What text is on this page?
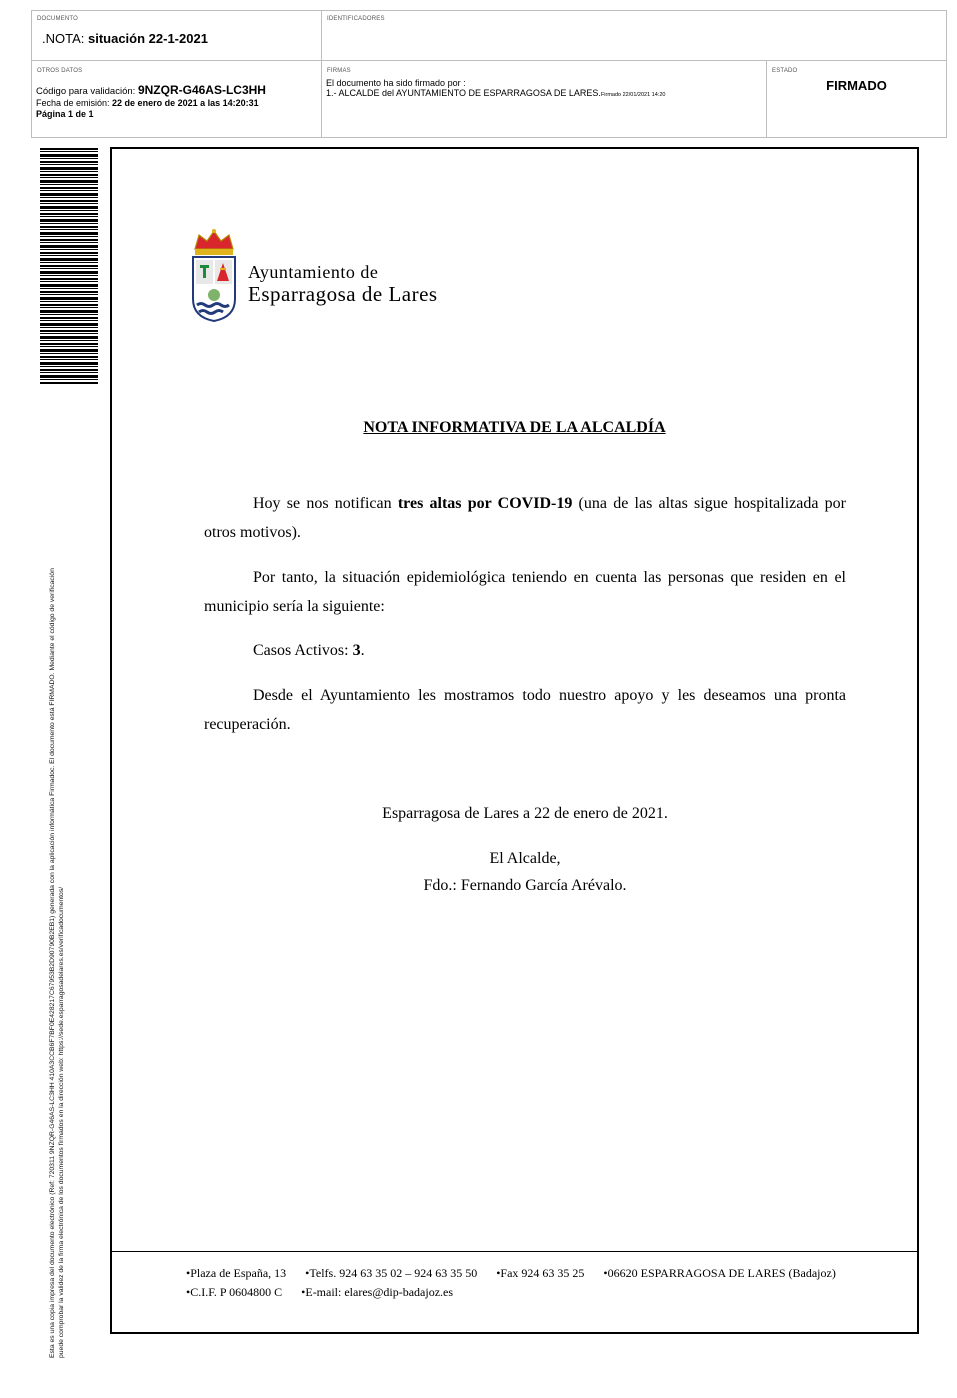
DOCUMENTO
.NOTA: situación 22-1-2021
IDENTIFICADORES
OTROS DATOS
Código para validación: 9NZQR-G46AS-LC3HH
Fecha de emisión: 22 de enero de 2021 a las 14:20:31
Página 1 de 1
FIRMAS
El documento ha sido firmado por :
1.- ALCALDE del AYUNTAMIENTO DE ESPARRAGOSA DE LARES.Firmado 22/01/2021 14:20
ESTADO
FIRMADO
Esta es una copia impresa del documento electrónico (Ref: 720311 9NZQR-G46AS-LC3HH 410A3CCB6F7BF0E428217C67953B2D90790B2EB1) generada con la aplicación informática Firmadoc. El documento está FIRMADO. Mediante el código de verificación puede comprobar la validez de la firma electrónica de los documentos firmados en la dirección web: https://sede.esparragosadelares.es/verificadocumentos/
Ayuntamiento de
Esparragosa de Lares
NOTA INFORMATIVA DE LA ALCALDÍA
Hoy se nos notifican tres altas por COVID-19 (una de las altas sigue hospitalizada por otros motivos).
Por tanto, la situación epidemiológica teniendo en cuenta las personas que residen en el municipio sería la siguiente:
Casos Activos: 3.
Desde el Ayuntamiento les mostramos todo nuestro apoyo y les deseamos una pronta recuperación.
Esparragosa de Lares a 22 de enero de 2021.
El Alcalde,
Fdo.: Fernando García Arévalo.
•Plaza de España, 13 •Telfs. 924 63 35 02 – 924 63 35 50 •Fax 924 63 35 25 •06620 ESPARRAGOSA DE LARES (Badajoz)
•C.I.F. P 0604800 C •E-mail: elares@dip-badajoz.es
